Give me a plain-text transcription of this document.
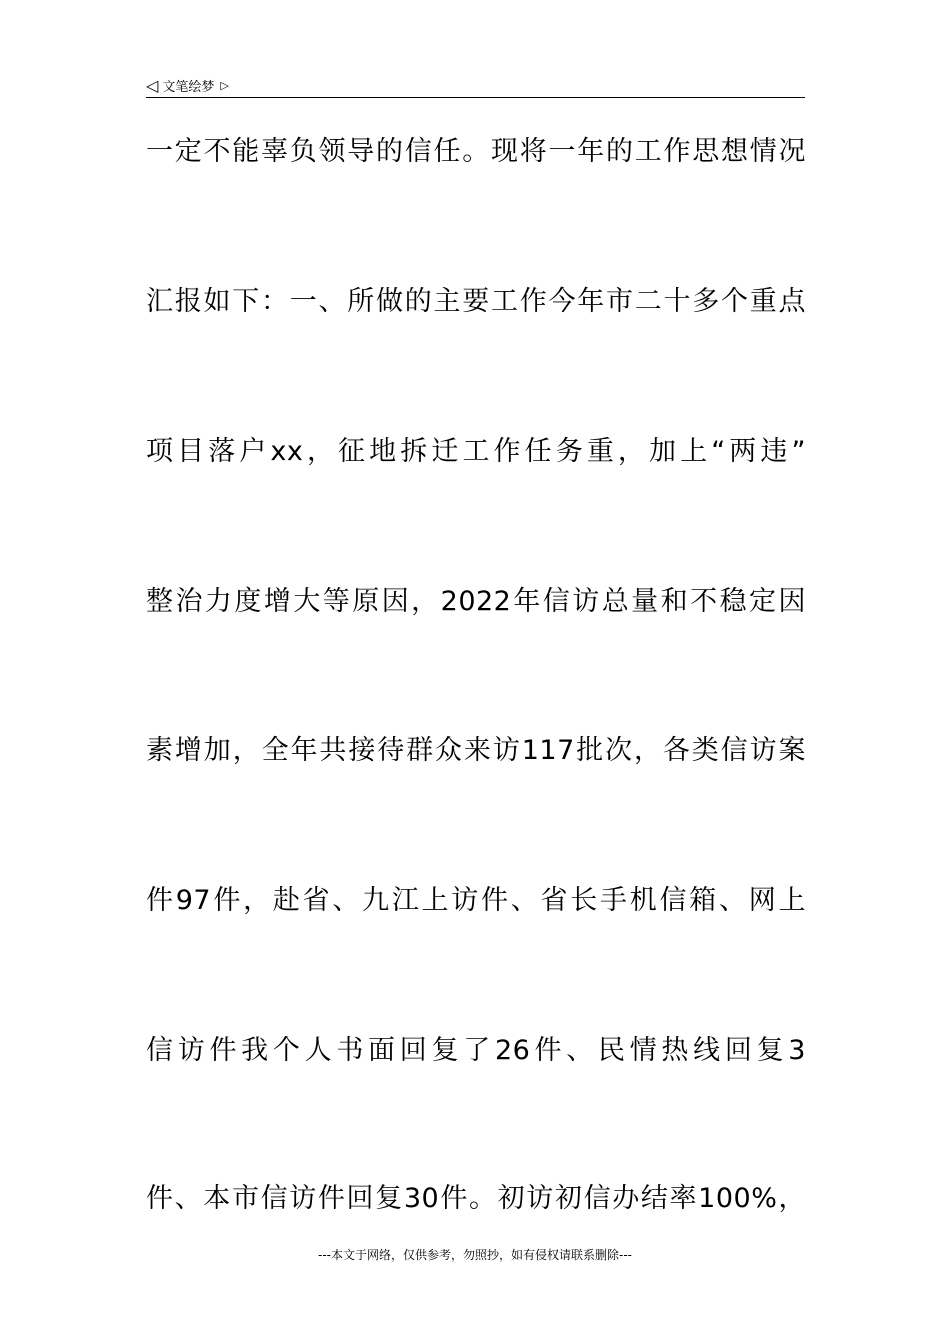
◁ 文笔绘梦 ▷
一定不能辜负领导的信任。现将一年的工作思想情况
汇报如下：一、所做的主要工作今年市二十多个重点
项目落户xx，征地拆迁工作任务重，加上“两违”
整治力度增大等原因，2022年信访总量和不稳定因
素增加，全年共接待群众来访117批次，各类信访案
件97件，赴省、九江上访件、省长手机信箱、网上
信访件我个人书面回复了26件、民情热线回复3
件、本市信访件回复30件。初访初信办结率100%，
---本文于网络，仅供参考，勿照抄，如有侵权请联系删除---
